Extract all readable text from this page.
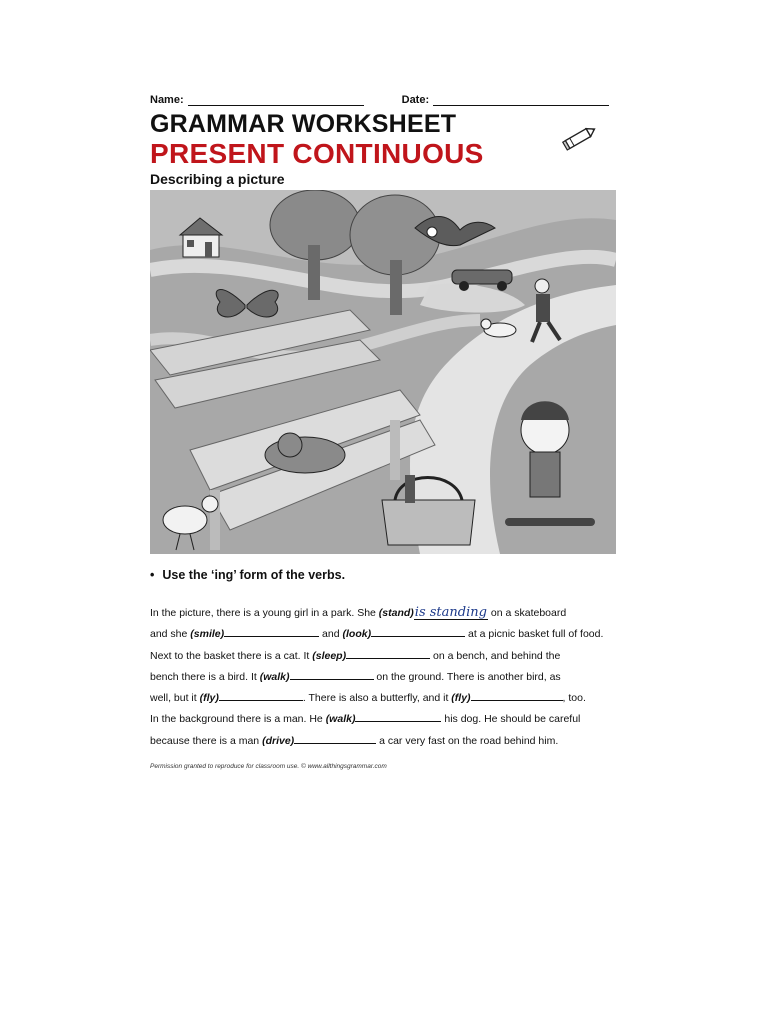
Name:	Date:
GRAMMAR WORKSHEET
PRESENT CONTINUOUS
Describing a picture
• Use the ‘ing’ form of the verbs.

In the picture, there is a young girl in a park. She (stand)is standing on a skateboard

and she (smile)	and (look)	at a picnic basket full of food.

Next to the basket there is a cat. It (sleep)	on a bench, and behind the

bench there is a bird. It (walk)	on the ground. There is another bird, as

well, but it (fly)	. There is also a butterfly, and it (fly)	, too.

In the background there is a man. He (walk)	his dog. He should be careful

because there is a man (drive)	a car very fast on the road behind him.

Permission granted to reproduce for classroom use. © www.allthingsgrammar.com
